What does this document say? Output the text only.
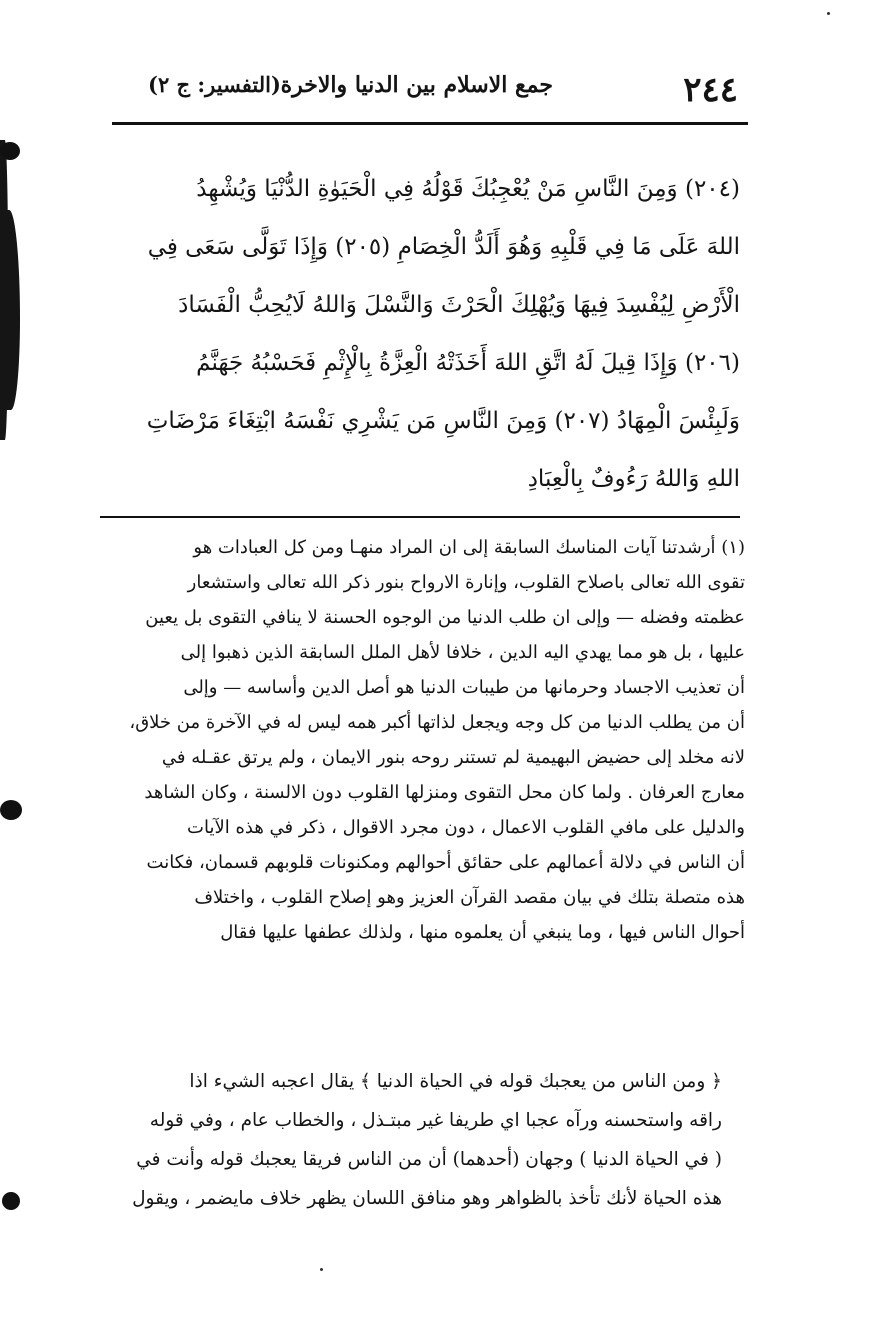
٢٤٤
جمع الاسلام بين الدنيا والاخرة
(التفسير: ج ٢)
(٢٠٤) وَمِنَ النَّاسِ مَنْ يُعْجِبُكَ قَوْلُهُ فِي الْحَيَوٰةِ الدُّنْيَا وَيُشْهِدُ
اللهَ عَلَى مَا فِي قَلْبِهِ وَهُوَ أَلَدُّ الْخِصَامِ (٢٠٥) وَإِذَا تَوَلَّى سَعَى فِي
الْأَرْضِ لِيُفْسِدَ فِيهَا وَيُهْلِكَ الْحَرْثَ وَالنَّسْلَ وَاللهُ لَايُحِبُّ الْفَسَادَ
(٢٠٦) وَإِذَا قِيلَ لَهُ اتَّقِ اللهَ أَخَذَتْهُ الْعِزَّةُ بِالْإِثْمِ فَحَسْبُهُ جَهَنَّمُ
وَلَبِئْسَ الْمِهَادُ (٢٠٧) وَمِنَ النَّاسِ مَن يَشْرِي نَفْسَهُ ابْتِغَاءَ مَرْضَاتِ
اللهِ وَاللهُ رَءُوفٌ بِالْعِبَادِ
(١) أرشدتنا آيات المناسك السابقة إلى ان المراد منهـا ومن كل العبادات هو
تقوى الله تعالى باصلاح القلوب، وإنارة الارواح بنور ذكر الله تعالى واستشعار
عظمته وفضله — وإلى ان طلب الدنيا من الوجوه الحسنة لا ينافي التقوى بل يعين
عليها ، بل هو مما يهدي اليه الدين ، خلافا لأهل الملل السابقة الذين ذهبوا إلى
أن تعذيب الاجساد وحرمانها من طيبات الدنيا هو أصل الدين وأساسه — وإلى
أن من يطلب الدنيا من كل وجه ويجعل لذاتها أكبر همه ليس له في الآخرة من خلاق،
لانه مخلد إلى حضيض البهيمية لم تستنر روحه بنور الايمان ، ولم يرتق عقـله في
معارج العرفان . ولما كان محل التقوى ومنزلها القلوب دون الالسنة ، وكان الشاهد
والدليل على مافي القلوب الاعمال ، دون مجرد الاقوال ، ذكر في هذه الآيات
أن الناس في دلالة أعمالهم على حقائق أحوالهم ومكنونات قلوبهم قسمان، فكانت
هذه متصلة بتلك في بيان مقصد القرآن العزيز وهو إصلاح القلوب ، واختلاف
أحوال الناس فيها ، وما ينبغي أن يعلموه منها ، ولذلك عطفها عليها فقال
﴿ ومن الناس من يعجبك قوله في الحياة الدنيا ﴾ يقال اعجبه الشيء اذا
راقه واستحسنه ورآه عجبا اي طريفا غير مبتـذل ، والخطاب عام ، وفي قوله
( في الحياة الدنيا ) وجهان (أحدهما) أن من الناس فريقا يعجبك قوله وأنت في
هذه الحياة لأنك تأخذ بالظواهر وهو منافق اللسان يظهر خلاف مايضمر ، ويقول
